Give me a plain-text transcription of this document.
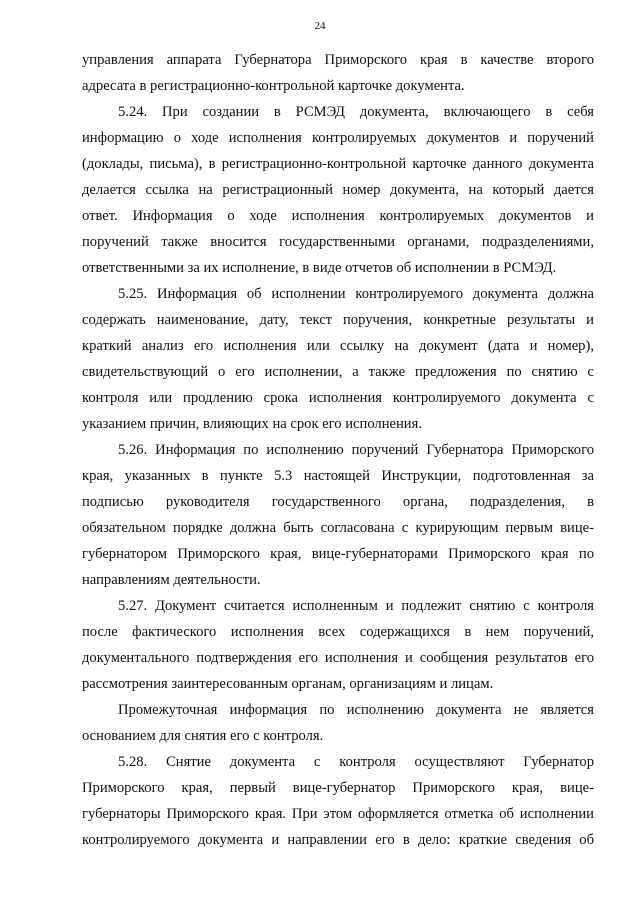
24
управления аппарата Губернатора Приморского края в качестве второго
адресата в регистрационно-контрольной карточке документа.
5.24. При создании в РСМЭД документа, включающего в себя
информацию о ходе исполнения контролируемых документов и поручений
(доклады, письма), в регистрационно-контрольной карточке данного документа
делается ссылка на регистрационный номер документа, на который дается
ответ. Информация о ходе исполнения контролируемых документов и
поручений также вносится государственными органами, подразделениями,
ответственными за их исполнение, в виде отчетов об исполнении в РСМЭД.
5.25. Информация об исполнении контролируемого документа должна
содержать наименование, дату, текст поручения, конкретные результаты и
краткий анализ его исполнения или ссылку на документ (дата и номер),
свидетельствующий о его исполнении, а также предложения по снятию с
контроля или продлению срока исполнения контролируемого документа с
указанием причин, влияющих на срок его исполнения.
5.26. Информация по исполнению поручений Губернатора Приморского
края, указанных в пункте 5.3 настоящей Инструкции, подготовленная за
подписью руководителя государственного органа, подразделения, в
обязательном порядке должна быть согласована с курирующим первым вице-
губернатором Приморского края, вице-губернаторами Приморского края по
направлениям деятельности.
5.27. Документ считается исполненным и подлежит снятию с контроля
после фактического исполнения всех содержащихся в нем поручений,
документального подтверждения его исполнения и сообщения результатов его
рассмотрения заинтересованным органам, организациям и лицам.
Промежуточная информация по исполнению документа не является
основанием для снятия его с контроля.
5.28. Снятие документа с контроля осуществляют Губернатор
Приморского края, первый вице-губернатор Приморского края, вице-
губернаторы Приморского края. При этом оформляется отметка об исполнении
контролируемого документа и направлении его в дело: краткие сведения об
